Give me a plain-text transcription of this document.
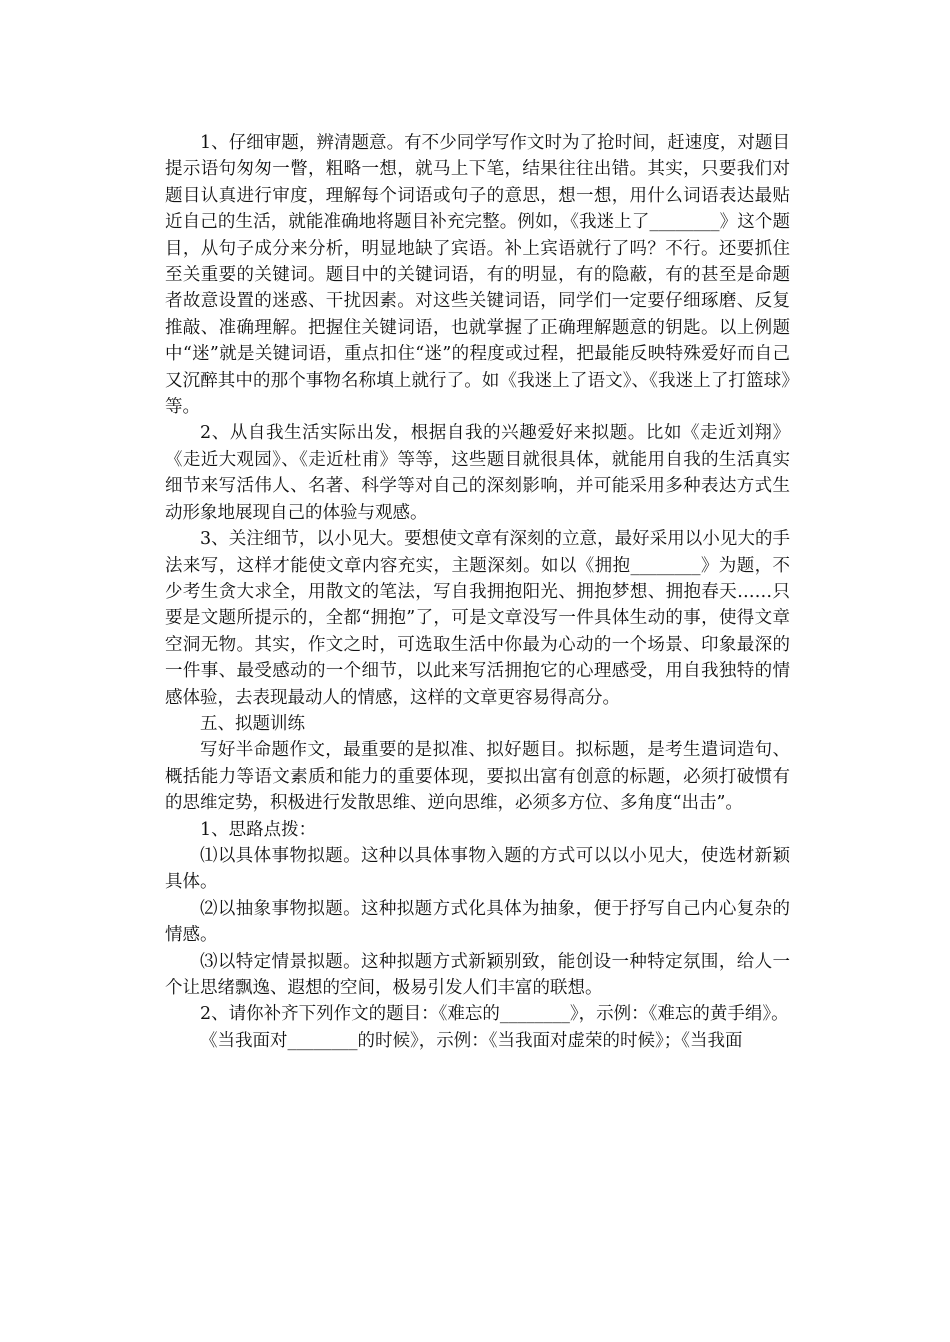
1、仔细审题，辨清题意。有不少同学写作文时为了抢时间，赶速度，对题目提示语句匆匆一瞥，粗略一想，就马上下笔，结果往往出错。其实，只要我们对题目认真进行审度，理解每个词语或句子的意思，想一想，用什么词语表达最贴近自己的生活，就能准确地将题目补充完整。例如，《我迷上了________》这个题目，从句子成分来分析，明显地缺了宾语。补上宾语就行了吗？不行。还要抓住至关重要的关键词。题目中的关键词语，有的明显，有的隐蔽，有的甚至是命题者故意设置的迷惑、干扰因素。对这些关键词语，同学们一定要仔细琢磨、反复推敲、准确理解。把握住关键词语，也就掌握了正确理解题意的钥匙。以上例题中“迷”就是关键词语，重点扣住“迷”的程度或过程，把最能反映特殊爱好而自己又沉醉其中的那个事物名称填上就行了。如《我迷上了语文》、《我迷上了打篮球》等。

2、从自我生活实际出发，根据自我的兴趣爱好来拟题。比如《走近刘翔》《走近大观园》、《走近杜甫》等等，这些题目就很具体，就能用自我的生活真实细节来写活伟人、名著、科学等对自己的深刻影响，并可能采用多种表达方式生动形象地展现自己的体验与观感。

3、关注细节，以小见大。要想使文章有深刻的立意，最好采用以小见大的手法来写，这样才能使文章内容充实，主题深刻。如以《拥抱________》为题，不少考生贪大求全，用散文的笔法，写自我拥抱阳光、拥抱梦想、拥抱春天……只要是文题所提示的，全都“拥抱”了，可是文章没写一件具体生动的事，使得文章空洞无物。其实，作文之时，可选取生活中你最为心动的一个场景、印象最深的一件事、最受感动的一个细节，以此来写活拥抱它的心理感受，用自我独特的情感体验，去表现最动人的情感，这样的文章更容易得高分。

五、拟题训练

写好半命题作文，最重要的是拟准、拟好题目。拟标题，是考生遣词造句、概括能力等语文素质和能力的重要体现，要拟出富有创意的标题，必须打破惯有的思维定势，积极进行发散思维、逆向思维，必须多方位、多角度“出击”。

1、思路点拨：

⑴以具体事物拟题。这种以具体事物入题的方式可以以小见大，使选材新颖具体。

⑵以抽象事物拟题。这种拟题方式化具体为抽象，便于抒写自己内心复杂的情感。

⑶以特定情景拟题。这种拟题方式新颖别致，能创设一种特定氛围，给人一个让思绪飘逸、遐想的空间，极易引发人们丰富的联想。

2、请你补齐下列作文的题目：《难忘的________》，示例：《难忘的黄手绢》。

《当我面对________的时候》，示例：《当我面对虚荣的时候》；《当我面
